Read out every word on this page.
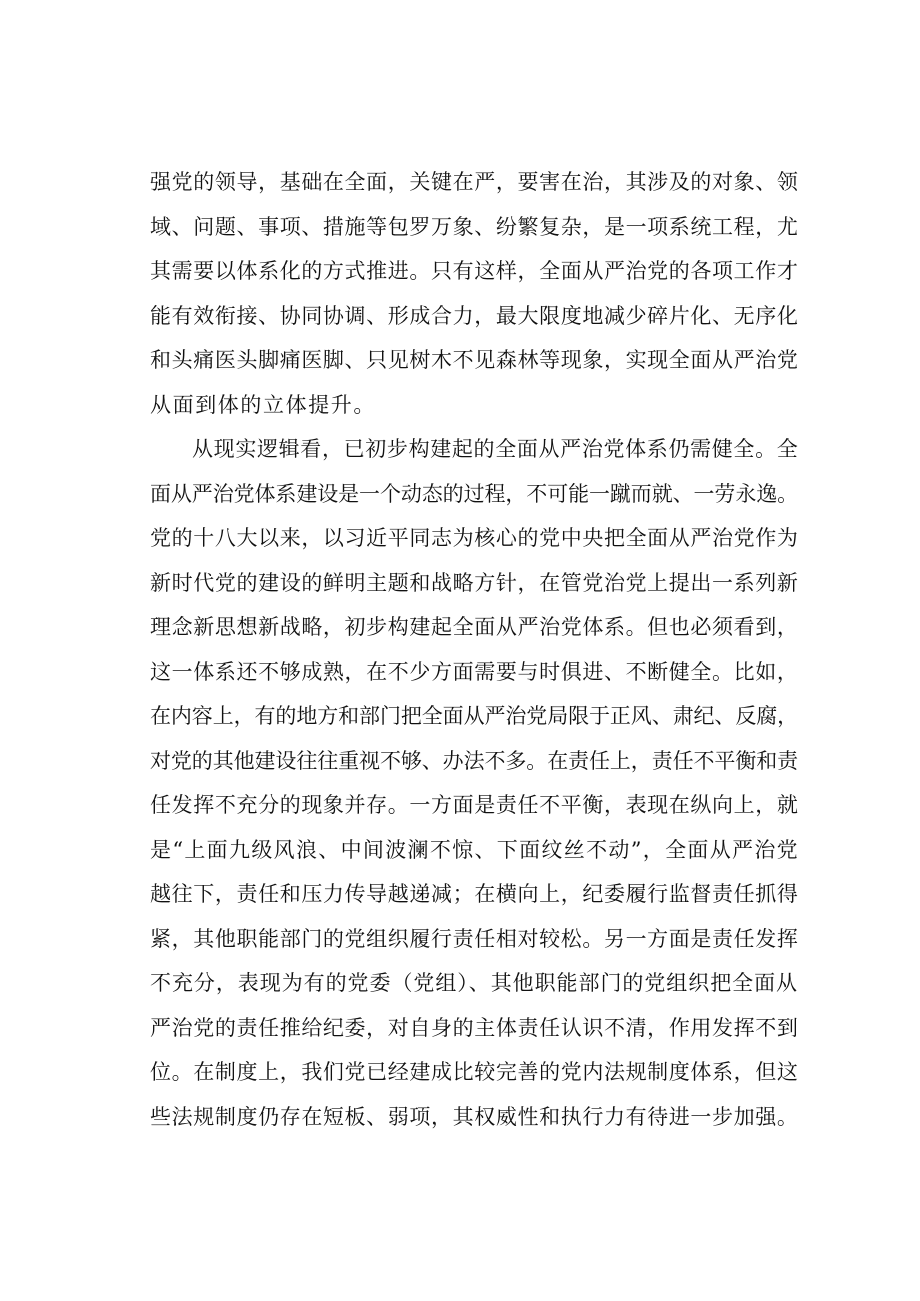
强党的领导，基础在全面，关键在严，要害在治，其涉及的对象、领
域、问题、事项、措施等包罗万象、纷繁复杂，是一项系统工程，尤
其需要以体系化的方式推进。只有这样，全面从严治党的各项工作才
能有效衔接、协同协调、形成合力，最大限度地减少碎片化、无序化
和头痛医头脚痛医脚、只见树木不见森林等现象，实现全面从严治党
从面到体的立体提升。

从现实逻辑看，已初步构建起的全面从严治党体系仍需健全。全
面从严治党体系建设是一个动态的过程，不可能一蹴而就、一劳永逸。
党的十八大以来，以习近平同志为核心的党中央把全面从严治党作为
新时代党的建设的鲜明主题和战略方针，在管党治党上提出一系列新
理念新思想新战略，初步构建起全面从严治党体系。但也必须看到，
这一体系还不够成熟，在不少方面需要与时俱进、不断健全。比如，
在内容上，有的地方和部门把全面从严治党局限于正风、肃纪、反腐，
对党的其他建设往往重视不够、办法不多。在责任上，责任不平衡和责
任发挥不充分的现象并存。一方面是责任不平衡，表现在纵向上，就
是“上面九级风浪、中间波澜不惊、下面纹丝不动”，全面从严治党
越往下，责任和压力传导越递减；在横向上，纪委履行监督责任抓得
紧，其他职能部门的党组织履行责任相对较松。另一方面是责任发挥
不充分，表现为有的党委（党组）、其他职能部门的党组织把全面从
严治党的责任推给纪委，对自身的主体责任认识不清，作用发挥不到
位。在制度上，我们党已经建成比较完善的党内法规制度体系，但这
些法规制度仍存在短板、弱项，其权威性和执行力有待进一步加强。
